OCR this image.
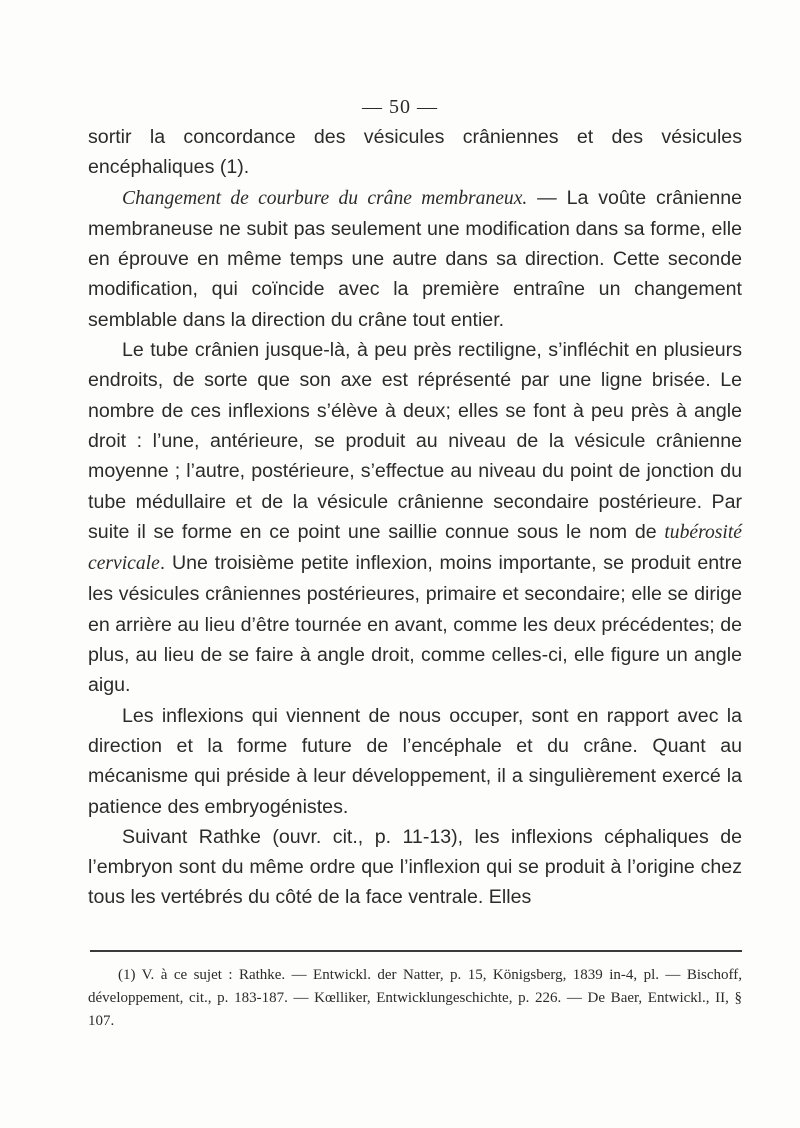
— 50 —

sortir la concordance des vésicules crâniennes et des vésicules encéphaliques (1).

Changement de courbure du crâne membraneux. — La voûte crânienne membraneuse ne subit pas seulement une modification dans sa forme, elle en éprouve en même temps une autre dans sa direction. Cette seconde modification, qui coïncide avec la première entraîne un changement semblable dans la direction du crâne tout entier.

Le tube crânien jusque-là, à peu près rectiligne, s’infléchit en plusieurs endroits, de sorte que son axe est réprésenté par une ligne brisée. Le nombre de ces inflexions s’élève à deux; elles se font à peu près à angle droit : l’une, antérieure, se produit au niveau de la vésicule crânienne moyenne ; l’autre, postérieure, s’effectue au niveau du point de jonction du tube médullaire et de la vésicule crânienne secondaire postérieure. Par suite il se forme en ce point une saillie connue sous le nom de tubérosité cervicale. Une troisième petite inflexion, moins importante, se produit entre les vésicules crâniennes postérieures, primaire et secondaire; elle se dirige en arrière au lieu d’être tournée en avant, comme les deux précédentes; de plus, au lieu de se faire à angle droit, comme celles-ci, elle figure un angle aigu.

Les inflexions qui viennent de nous occuper, sont en rapport avec la direction et la forme future de l’encéphale et du crâne. Quant au mécanisme qui préside à leur développement, il a singulièrement exercé la patience des embryogénistes.

Suivant Rathke (ouvr. cit., p. 11-13), les inflexions céphaliques de l’embryon sont du même ordre que l’inflexion qui se produit à l’origine chez tous les vertébrés du côté de la face ventrale. Elles

(1) V. à ce sujet : Rathke. — Entwickl. der Natter, p. 15, Königsberg, 1839 in-4, pl. — Bischoff, développement, cit., p. 183-187. — Kœlliker, Entwicklungeschichte, p. 226. — De Baer, Entwickl., II, § 107.
